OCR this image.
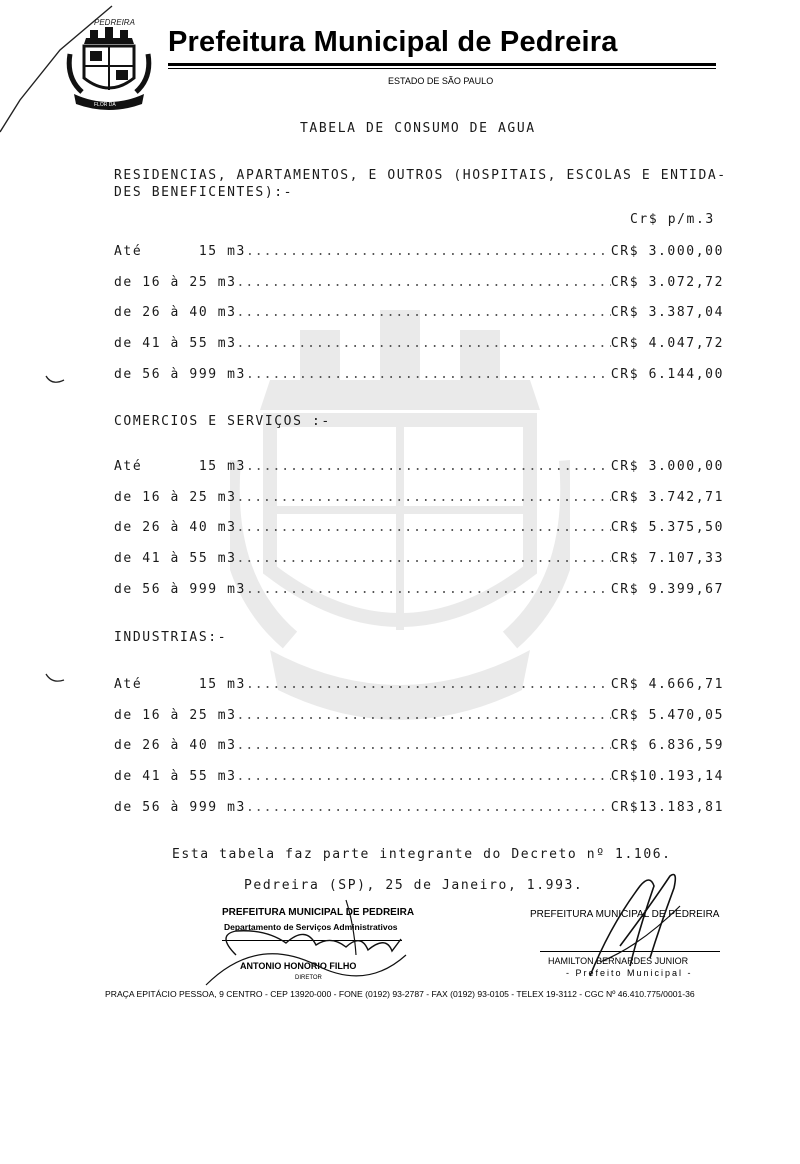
PEDREIRA
FLOR DA
Prefeitura Municipal de Pedreira
ESTADO DE SÃO PAULO
TABELA DE CONSUMO DE AGUA
RESIDENCIAS, APARTAMENTOS, E OUTROS (HOSPITAIS, ESCOLAS E ENTIDA-
DES BENEFICENTES):-
Cr$ p/m.3
Até      15 m3 .....	CR$ 3.000,00
de 16 à 25 m3 .....	CR$ 3.072,72
de 26 à 40 m3 .....	CR$ 3.387,04
de 41 à 55 m3 .....	CR$ 4.047,72
de 56 à 999 m3 .....	CR$ 6.144,00
COMERCIOS E SERVIÇOS :-
Até      15 m3 .....	CR$ 3.000,00
de 16 à 25 m3 .....	CR$ 3.742,71
de 26 à 40 m3 .....	CR$ 5.375,50
de 41 à 55 m3 .....	CR$ 7.107,33
de 56 à 999 m3 .....	CR$ 9.399,67
INDUSTRIAS:-
Até      15 m3 .....	CR$ 4.666,71
de 16 à 25 m3 .....	CR$ 5.470,05
de 26 à 40 m3 .....	CR$ 6.836,59
de 41 à 55 m3 .....	CR$10.193,14
de 56 à 999 m3 .....	CR$13.183,81
Esta tabela faz parte integrante do Decreto nº 1.106.
Pedreira (SP), 25 de Janeiro, 1.993.
PREFEITURA MUNICIPAL DE PEDREIRA
Departamento de Serviços Administrativos
ANTONIO HONORIO FILHO
DIRETOR
PREFEITURA MUNICIPAL DE PEDREIRA
HAMILTON BERNARDES JUNIOR
- Prefeito Municipal -
PRAÇA EPITÁCIO PESSOA, 9 CENTRO - CEP 13920-000 - FONE (0192) 93-2787 - FAX (0192) 93-0105 - TELEX 19-3112 - CGC Nº 46.410.775/0001-36
